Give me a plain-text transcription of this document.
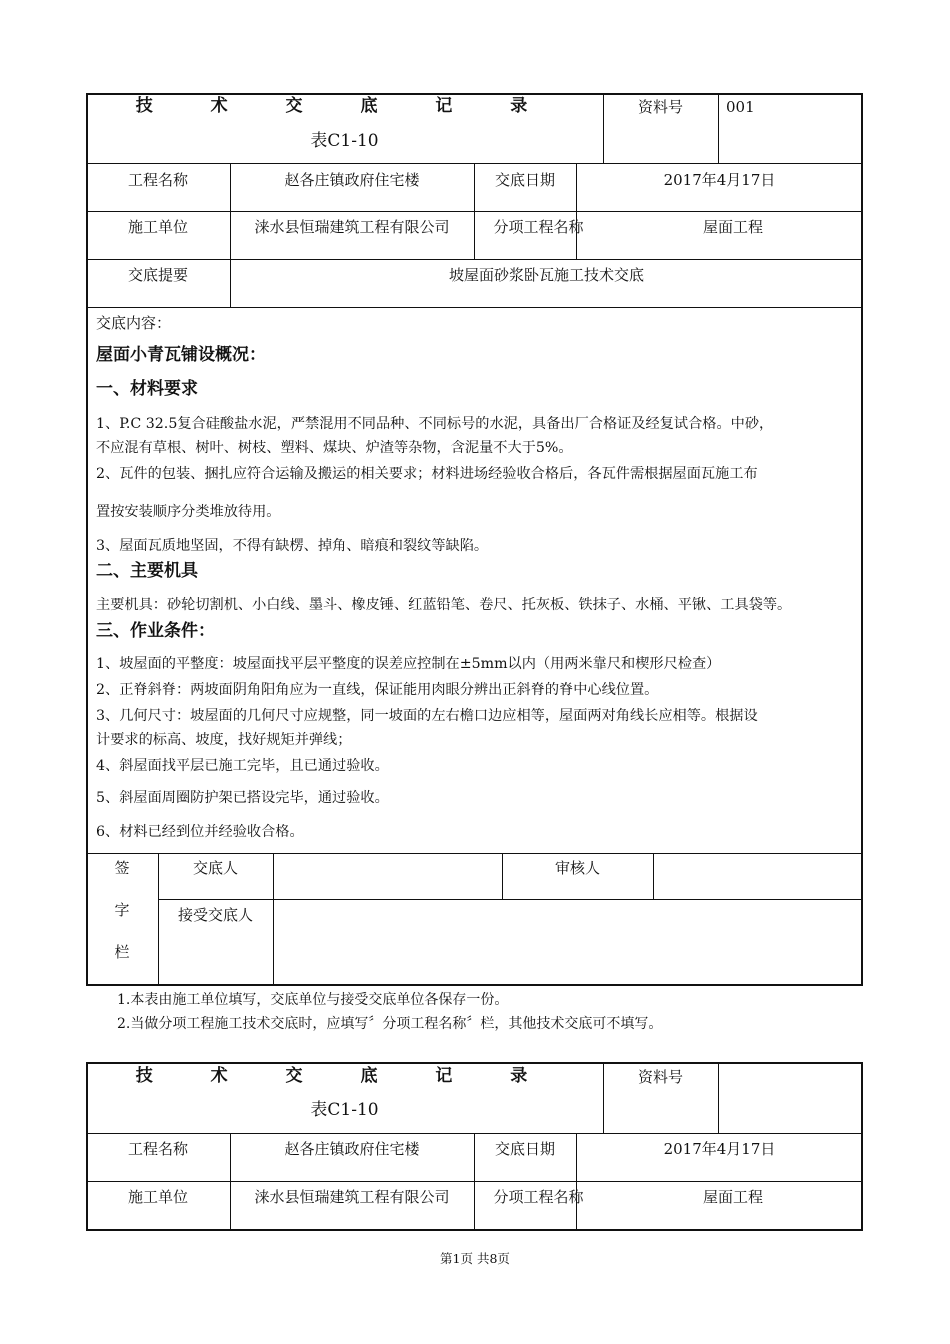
技 术 交 底 记 录
表C1-10
资料号	001
工程名称	赵各庄镇政府住宅楼	交底日期	2017年4月17日
施工单位	涞水县恒瑞建筑工程有限公司	分项工程名称	屋面工程
交底提要	坡屋面砂浆卧瓦施工技术交底
交底内容：
屋面小青瓦铺设概况：
一、材料要求
1、P.C 32.5复合硅酸盐水泥，严禁混用不同品种、不同标号的水泥，具备出厂合格证及经复试合格。中砂，
不应混有草根、树叶、树枝、塑料、煤块、炉渣等杂物，含泥量不大于5%。
2、瓦件的包装、捆扎应符合运输及搬运的相关要求；材料进场经验收合格后，各瓦件需根据屋面瓦施工布
置按安装顺序分类堆放待用。
3、屋面瓦质地坚固，不得有缺楞、掉角、暗痕和裂纹等缺陷。
二、主要机具
主要机具：砂轮切割机、小白线、墨斗、橡皮锤、红蓝铅笔、卷尺、托灰板、铁抹子、水桶、平锹、工具袋等。
三、作业条件：
1、坡屋面的平整度：坡屋面找平层平整度的误差应控制在±5mm以内（用两米靠尺和楔形尺检查）
2、正脊斜脊：两坡面阴角阳角应为一直线，保证能用肉眼分辨出正斜脊的脊中心线位置。
3、几何尺寸：坡屋面的几何尺寸应规整，同一坡面的左右檐口边应相等，屋面两对角线长应相等。根据设
计要求的标高、坡度，找好规矩并弹线；
4、斜屋面找平层已施工完毕，且已通过验收。
5、斜屋面周圈防护架已搭设完毕，通过验收。
6、材料已经到位并经验收合格。
签
字
栏
交底人	审核人
接受交底人
1.本表由施工单位填写，交底单位与接受交底单位各保存一份。
2.当做分项工程施工技术交底时，应填写〞分项工程名称〞栏，其他技术交底可不填写。
技 术 交 底 记 录
表C1-10
资料号
工程名称	赵各庄镇政府住宅楼	交底日期	2017年4月17日
施工单位	涞水县恒瑞建筑工程有限公司	分项工程名称	屋面工程
第1页 共8页
